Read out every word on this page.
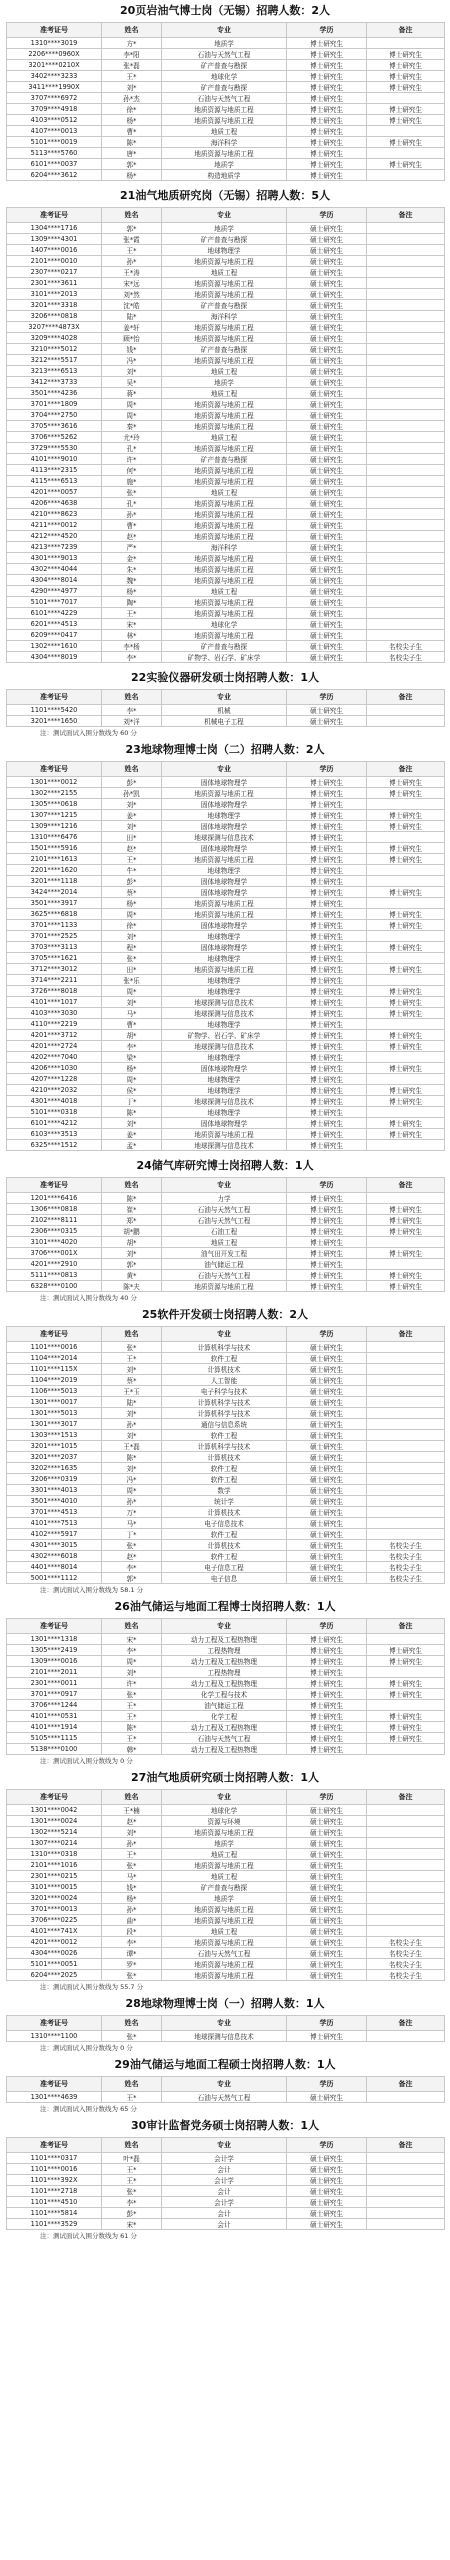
20页岩油气博士岗（无锡）招聘人数：2人
准考证号	姓名	专业	学历	备注
1310****3019	方*	地质学	博士研究生	
2206****0960X	李*阳	石油与天然气工程	博士研究生	博士研究生
3201****0210X	张*磊	矿产普查与勘探	博士研究生	博士研究生
3402****3233	王*	地球化学	博士研究生	博士研究生
3411****1990X	刘*	矿产普查与勘探	博士研究生	博士研究生
3707****6972	孙*杰	石油与天然气工程	博士研究生	
3709****4918	徐*	地质资源与地质工程	博士研究生	博士研究生
4103****0512	杨*	地质资源与地质工程	博士研究生	博士研究生
4107****0013	曹*	地质工程	博士研究生	
5101****0019	陈*	海洋科学	博士研究生	博士研究生
5113****5760	唐*	地质资源与地质工程	博士研究生	
6101****0037	郭*	地质学	博士研究生	博士研究生
6204****3612	杨*	构造地质学	博士研究生	
21油气地质研究岗（无锡）招聘人数：5人
准考证号	姓名	专业	学历	备注
1304****1716	郭*	地质学	硕士研究生	
1309****4301	张*霞	矿产普查与勘探	硕士研究生	
1407****0016	王*	地球物理学	硕士研究生	
2101****0010	孙*	地质资源与地质工程	硕士研究生	
2307****0217	王*涛	地质工程	硕士研究生	
2301****3611	宋*远	地质资源与地质工程	硕士研究生	
3101****2013	刘*然	地质资源与地质工程	硕士研究生	
3201****3318	沈*皓	矿产普查与勘探	硕士研究生	
3206****0818	陆*	海洋科学	硕士研究生	
3207****4873X	姜*轩	地质资源与地质工程	硕士研究生	
3209****4028	顾*怡	地质资源与地质工程	硕士研究生	
3210****5012	钱*	矿产普查与勘探	硕士研究生	
3212****5517	冯*	地质资源与地质工程	硕士研究生	
3213****6513	刘*	地质工程	硕士研究生	
3412****3733	吴*	地质学	硕士研究生	
3501****4236	蒋*	地质工程	硕士研究生	
3701****1809	周*	地质资源与地质工程	硕士研究生	
3704****2750	周*	地质资源与地质工程	硕士研究生	
3705****3616	秦*	地质资源与地质工程	硕士研究生	
3706****5262	尤*玲	地质工程	硕士研究生	
3729****5530	孔*	地质资源与地质工程	硕士研究生	
4101****9010	许*	矿产普查与勘探	硕士研究生	
4113****2315	何*	地质资源与地质工程	硕士研究生	
4115****6513	施*	地质资源与地质工程	硕士研究生	
4201****0057	张*	地质工程	硕士研究生	
4206****4638	孔*	地质资源与地质工程	硕士研究生	
4210****8623	孙*	地质资源与地质工程	硕士研究生	
4211****0012	曹*	地质资源与地质工程	硕士研究生	
4212****4520	赵*	地质资源与地质工程	硕士研究生	
4213****7239	严*	海洋科学	硕士研究生	
4301****9013	金*	地质资源与地质工程	硕士研究生	
4302****4044	朱*	地质资源与地质工程	硕士研究生	
4304****8014	魏*	地质资源与地质工程	硕士研究生	
4290****4977	杨*	地质工程	硕士研究生	
5101****7017	陶*	地质资源与地质工程	硕士研究生	
6101****4229	王*	地质资源与地质工程	硕士研究生	
6201****4513	宋*	地球化学	硕士研究生	
6209****0417	林*	地质资源与地质工程	硕士研究生	
1302****1610	李*杨	矿产普查与勘探	硕士研究生	名校尖子生
4304****8019	李*	矿物学、岩石学、矿床学	硕士研究生	名校尖子生
22实验仪器研发硕士岗招聘人数：1人
准考证号	姓名	专业	学历	备注
1101****5420	李*	机械	硕士研究生	
3201****1650	刘*洋	机械电子工程	硕士研究生	
注：测试面试入围分数线为 60 分
23地球物理博士岗（二）招聘人数：2人
准考证号	姓名	专业	学历	备注
1301****0012	彭*	固体地球物理学	博士研究生	博士研究生
1302****2155	孙*凯	地质资源与地质工程	博士研究生	博士研究生
1305****0618	刘*	固体地球物理学	博士研究生	
1307****1215	姜*	地球物理学	博士研究生	博士研究生
1309****1216	刘*	固体地球物理学	博士研究生	博士研究生
1310****6476	田*	地球探测与信息技术	博士研究生	
1501****5916	赵*	固体地球物理学	博士研究生	博士研究生
2101****1613	王*	地质资源与地质工程	博士研究生	博士研究生
2201****1620	牛*	地球物理学	博士研究生	
3201****1118	彭*	固体地球物理学	博士研究生	
3424****2014	蔡*	固体地球物理学	博士研究生	博士研究生
3501****3917	杨*	地质资源与地质工程	博士研究生	
3625****6818	周*	地质资源与地质工程	博士研究生	博士研究生
3701****1133	徐*	固体地球物理学	博士研究生	博士研究生
3701****2525	刘*	地球物理学	博士研究生	
3703****3113	程*	固体地球物理学	博士研究生	博士研究生
3705****1621	张*	地球物理学	博士研究生	
3712****3012	田*	地质资源与地质工程	博士研究生	博士研究生
3714****2211	张*乐	地球物理学	博士研究生	
3726****8018	周*	地球物理学	博士研究生	博士研究生
4101****1017	刘*	地球探测与信息技术	博士研究生	博士研究生
4103****3030	马*	地球探测与信息技术	博士研究生	博士研究生
4110****2219	曹*	地球物理学	博士研究生	
4201****3712	胡*	矿物学、岩石学、矿床学	博士研究生	博士研究生
4201****2724	李*	地球探测与信息技术	博士研究生	博士研究生
4202****7040	梁*	地球物理学	博士研究生	
4206****1030	杨*	固体地球物理学	博士研究生	博士研究生
4207****1228	周*	地球物理学	博士研究生	
4210****2032	侯*	地球物理学	博士研究生	博士研究生
4301****4018	丁*	地球探测与信息技术	博士研究生	博士研究生
5101****0318	陈*	地球物理学	博士研究生	
6101****4212	刘*	固体地球物理学	博士研究生	博士研究生
6103****3513	姜*	地质资源与地质工程	博士研究生	博士研究生
6325****1512	孟*	地球探测与信息技术	博士研究生	
24储气库研究博士岗招聘人数：1人
准考证号	姓名	专业	学历	备注
1201****6416	陈*	力学	博士研究生	
1306****0818	崔*	石油与天然气工程	博士研究生	博士研究生
2102****8111	郑*	石油与天然气工程	博士研究生	博士研究生
2306****0315	胡*鹏	石油工程	博士研究生	博士研究生
3101****4020	胡*	地质工程	博士研究生	
3706****001X	刘*	油气田开发工程	博士研究生	博士研究生
4201****2910	郭*	油气储运工程	博士研究生	
5111****0813	黄*	石油与天然气工程	博士研究生	博士研究生
6328****0100	陈*夫	地质资源与地质工程	博士研究生	博士研究生
注：测试面试入围分数线为 40 分
25软件开发硕士岗招聘人数：2人
准考证号	姓名	专业	学历	备注
1101****0016	张*	计算机科学与技术	硕士研究生	
1104****2014	王*	软件工程	硕士研究生	
1101****115X	刘*	计算机技术	硕士研究生	
1104****2019	蔡*	人工智能	硕士研究生	
1106****5013	王*玉	电子科学与技术	硕士研究生	
1301****0017	陆*	计算机科学与技术	硕士研究生	
1301****5013	刘*	计算机科学与技术	硕士研究生	
1301****3017	孙*	通信与信息系统	硕士研究生	
1303****1513	刘*	软件工程	硕士研究生	
3201****1015	王*磊	计算机科学与技术	硕士研究生	
3201****2037	陈*	计算机技术	硕士研究生	
3202****1635	刘*	软件工程	硕士研究生	
3206****0319	冯*	软件工程	硕士研究生	
3301****4013	周*	数学	硕士研究生	
3501****4010	孙*	统计学	硕士研究生	
3701****4513	万*	计算机技术	硕士研究生	
4101****7513	马*	电子信息技术	硕士研究生	
4102****5917	丁*	软件工程	硕士研究生	
4301****3015	张*	计算机技术	硕士研究生	名校尖子生
4302****6018	赵*	软件工程	硕士研究生	名校尖子生
4401****8014	李*	电子信息工程	硕士研究生	名校尖子生
5001****1112	郭*	电子信息	硕士研究生	名校尖子生
注：测试面试入围分数线为 58.1 分
26油气储运与地面工程博士岗招聘人数：1人
准考证号	姓名	专业	学历	备注
1301****1318	宋*	动力工程及工程热物理	博士研究生	
1305****2419	李*	工程热物理	博士研究生	博士研究生
1309****0016	周*	动力工程及工程热物理	博士研究生	博士研究生
2101****2011	刘*	工程热物理	博士研究生	
2301****0011	许*	动力工程及工程热物理	博士研究生	博士研究生
3701****0917	张*	化学工程与技术	博士研究生	博士研究生
3706****1244	王*	油气储运工程	博士研究生	
4101****0531	王*	化学工程	博士研究生	博士研究生
4101****1914	陈*	动力工程及工程热物理	博士研究生	博士研究生
5105****1115	王*	石油与天然气工程	博士研究生	博士研究生
5138****0100	韩*	动力工程及工程热物理	博士研究生	
注：测试面试入围分数线为 0 分
27油气地质研究硕士岗招聘人数：1人
准考证号	姓名	专业	学历	备注
1301****0042	王*楠	地球化学	硕士研究生	
1301****0024	赵*	资源与环境	硕士研究生	
1302****5214	刘*	地质资源与地质工程	硕士研究生	
1307****0214	孙*	地质学	硕士研究生	
1310****0318	王*	地质工程	硕士研究生	
2101****1016	张*	地质资源与地质工程	硕士研究生	
2301****0215	马*	地质工程	硕士研究生	
3101****0015	钱*	矿产普查与勘探	硕士研究生	
3201****0024	杨*	地质学	硕士研究生	
3701****0013	孙*	地质资源与地质工程	硕士研究生	
3706****0225	曲*	地质资源与地质工程	硕士研究生	
4101****741X	段*	地质工程	硕士研究生	
4201****0012	李*	地质资源与地质工程	硕士研究生	名校尖子生
4304****0026	谭*	石油与天然气工程	硕士研究生	名校尖子生
5101****0051	罗*	地质资源与地质工程	硕士研究生	名校尖子生
6204****2025	张*	地质资源与地质工程	硕士研究生	名校尖子生
注：测试面试入围分数线为 55.7 分
28地球物理博士岗（一）招聘人数：1人
准考证号	姓名	专业	学历	备注
1310****1100	张*	地球探测与信息技术	博士研究生	
注：测试面试入围分数线为 0 分
29油气储运与地面工程硕士岗招聘人数：1人
准考证号	姓名	专业	学历	备注
1301****4639	王*	石油与天然气工程	硕士研究生	
注：测试面试入围分数线为 65 分
30审计监督党务硕士岗招聘人数：1人
准考证号	姓名	专业	学历	备注
1101****0317	叶*磊	会计学	硕士研究生	
1101****0016	王*	会计	硕士研究生	
1101****392X	王*	会计学	硕士研究生	
1101****2718	张*	会计	硕士研究生	
1101****4510	李*	会计学	硕士研究生	
1101****5814	彭*	会计	硕士研究生	
1101****3529	宋*	会计	硕士研究生	
注：测试面试入围分数线为 61 分
